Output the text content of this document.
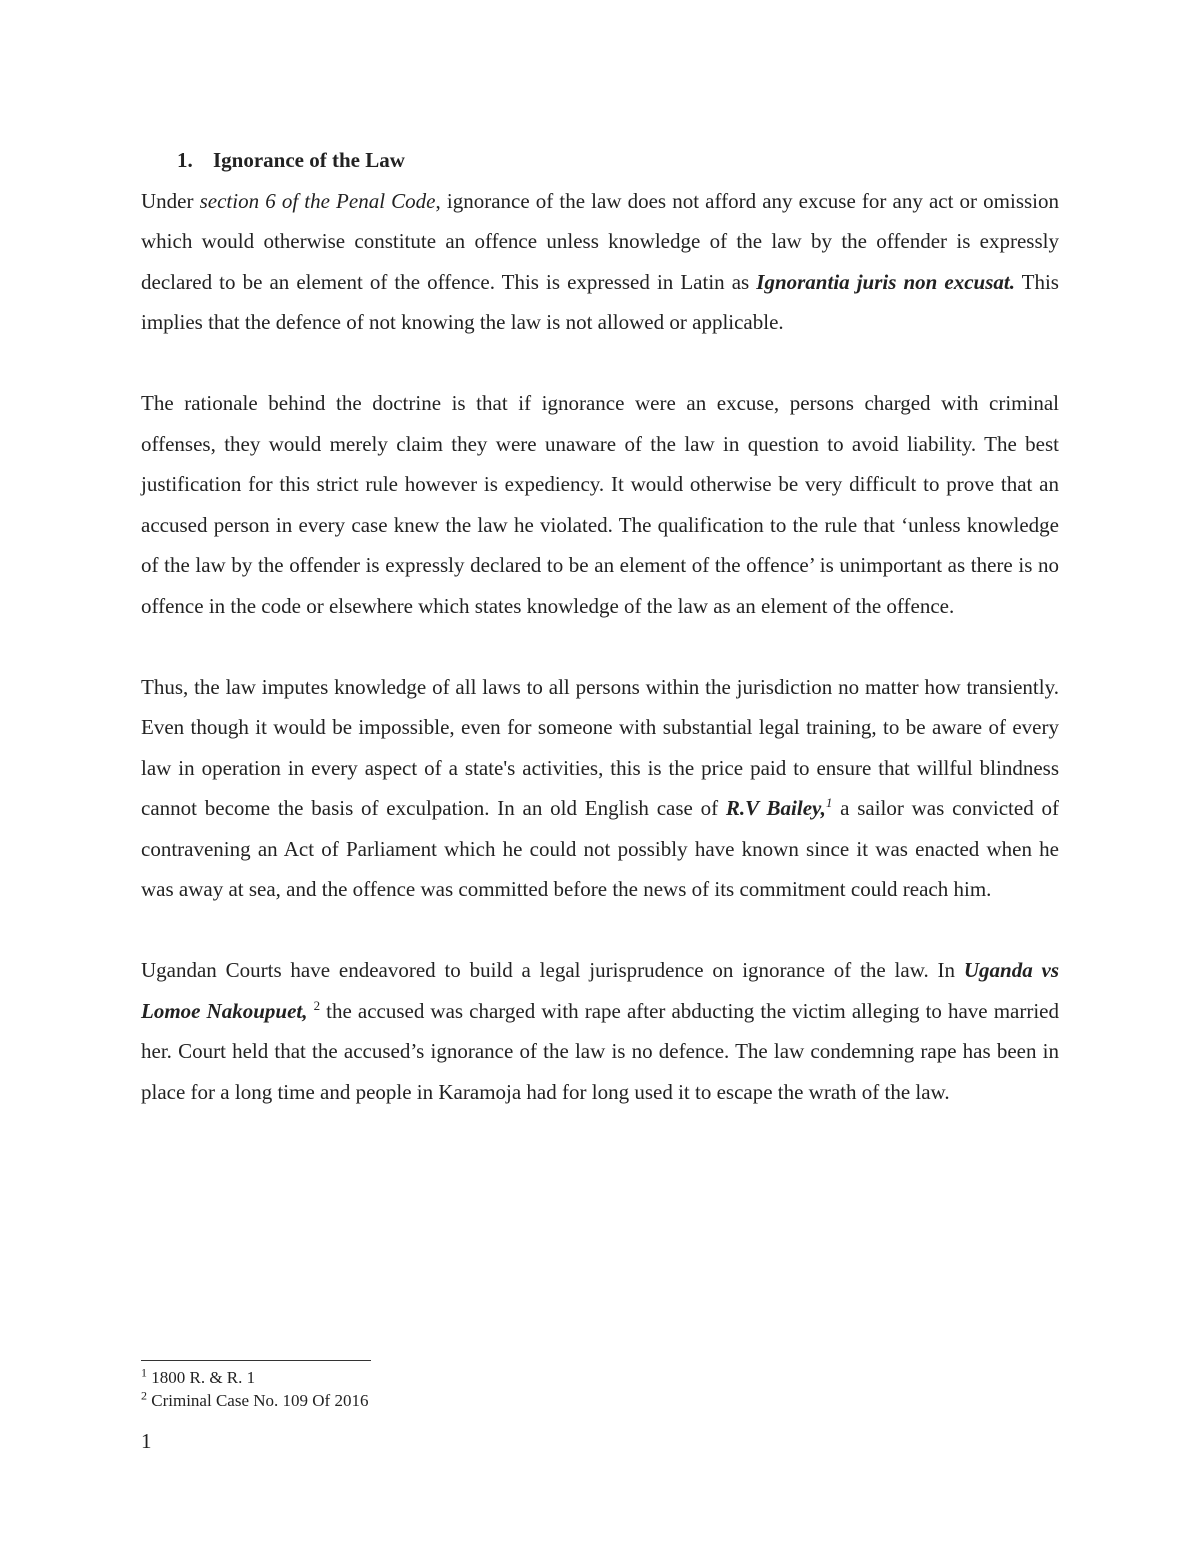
1. Ignorance of the Law

Under section 6 of the Penal Code, ignorance of the law does not afford any excuse for any act or omission which would otherwise constitute an offence unless knowledge of the law by the offender is expressly declared to be an element of the offence. This is expressed in Latin as Ignorantia juris non excusat. This implies that the defence of not knowing the law is not allowed or applicable.

The rationale behind the doctrine is that if ignorance were an excuse, persons charged with criminal offenses, they would merely claim they were unaware of the law in question to avoid liability. The best justification for this strict rule however is expediency. It would otherwise be very difficult to prove that an accused person in every case knew the law he violated. The qualification to the rule that ‘unless knowledge of the law by the offender is expressly declared to be an element of the offence’ is unimportant as there is no offence in the code or elsewhere which states knowledge of the law as an element of the offence.

Thus, the law imputes knowledge of all laws to all persons within the jurisdiction no matter how transiently. Even though it would be impossible, even for someone with substantial legal training, to be aware of every law in operation in every aspect of a state's activities, this is the price paid to ensure that willful blindness cannot become the basis of exculpation. In an old English case of R.V Bailey,$^1$ a sailor was convicted of contravening an Act of Parliament which he could not possibly have known since it was enacted when he was away at sea, and the offence was committed before the news of its commitment could reach him.

Ugandan Courts have endeavored to build a legal jurisprudence on ignorance of the law. In Uganda vs Lomoe Nakoupuet, $^2$ the accused was charged with rape after abducting the victim alleging to have married her. Court held that the accused’s ignorance of the law is no defence. The law condemning rape has been in place for a long time and people in Karamoja had for long used it to escape the wrath of the law.

$^1$ 1800 R. & R. 1

$^2$ Criminal Case No. 109 Of 2016

1
